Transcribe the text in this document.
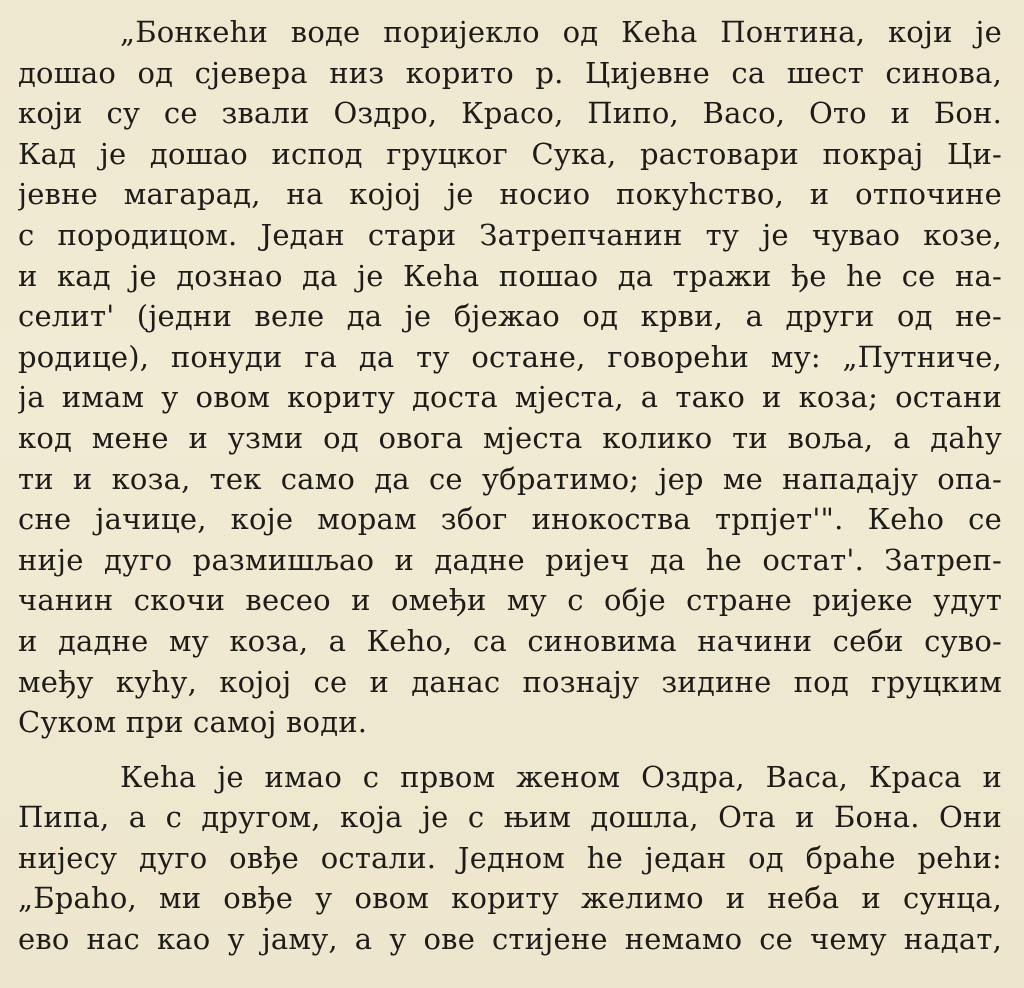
„Бонкеhи воде поријекло од Кеhа Понтина, који је
дошао од сјевера низ корито р. Цијевне са шест синова,
који су се звали Оздро, Красо, Пипо, Васо, Ото и Бон.
Кад је дошао испод груцког Сука, растовари покрај Ци-
јевне магарад, на којој је носио покуhство, и отпочине
с породицом. Један стари Затрепчанин ту је чувао козе,
и кад је дознао да је Кеhа пошао да тражи ђе hе се на-
селит' (једни веле да је бјежао од крви, а други од не-
родице), понуди га да ту остане, говореhи му: „Путниче,
ја имам у овом кориту доста мјеста, а тако и коза; остани
код мене и узми од овога мјеста колико ти воља, а даhу
ти и коза, тек само да се убратимо; јер ме нападају опа-
сне јачице, које морам због инокоства трпјет'". Кеhо се
није дуго размишљао и дадне ријеч да hе остат'. Затреп-
чанин скочи весео и омеђи му с обје стране ријеке удут
и дадне му коза, а Кеhо, са синовима начини себи сувo-
међу куhу, којој се и данас познају зидине под груцким
Суком при самој води.
Кеhа је имао с првом женом Оздра, Васа, Краса и
Пипа, а с другом, која је с њим дошла, Ота и Бона. Они
нијесу дуго овђе остали. Једном hе један од браhе реhи:
„Браhо, ми овђе у овом кориту желимо и неба и сунца,
ево нас као у јаму, а у ове стијене немамо се чему надат,
